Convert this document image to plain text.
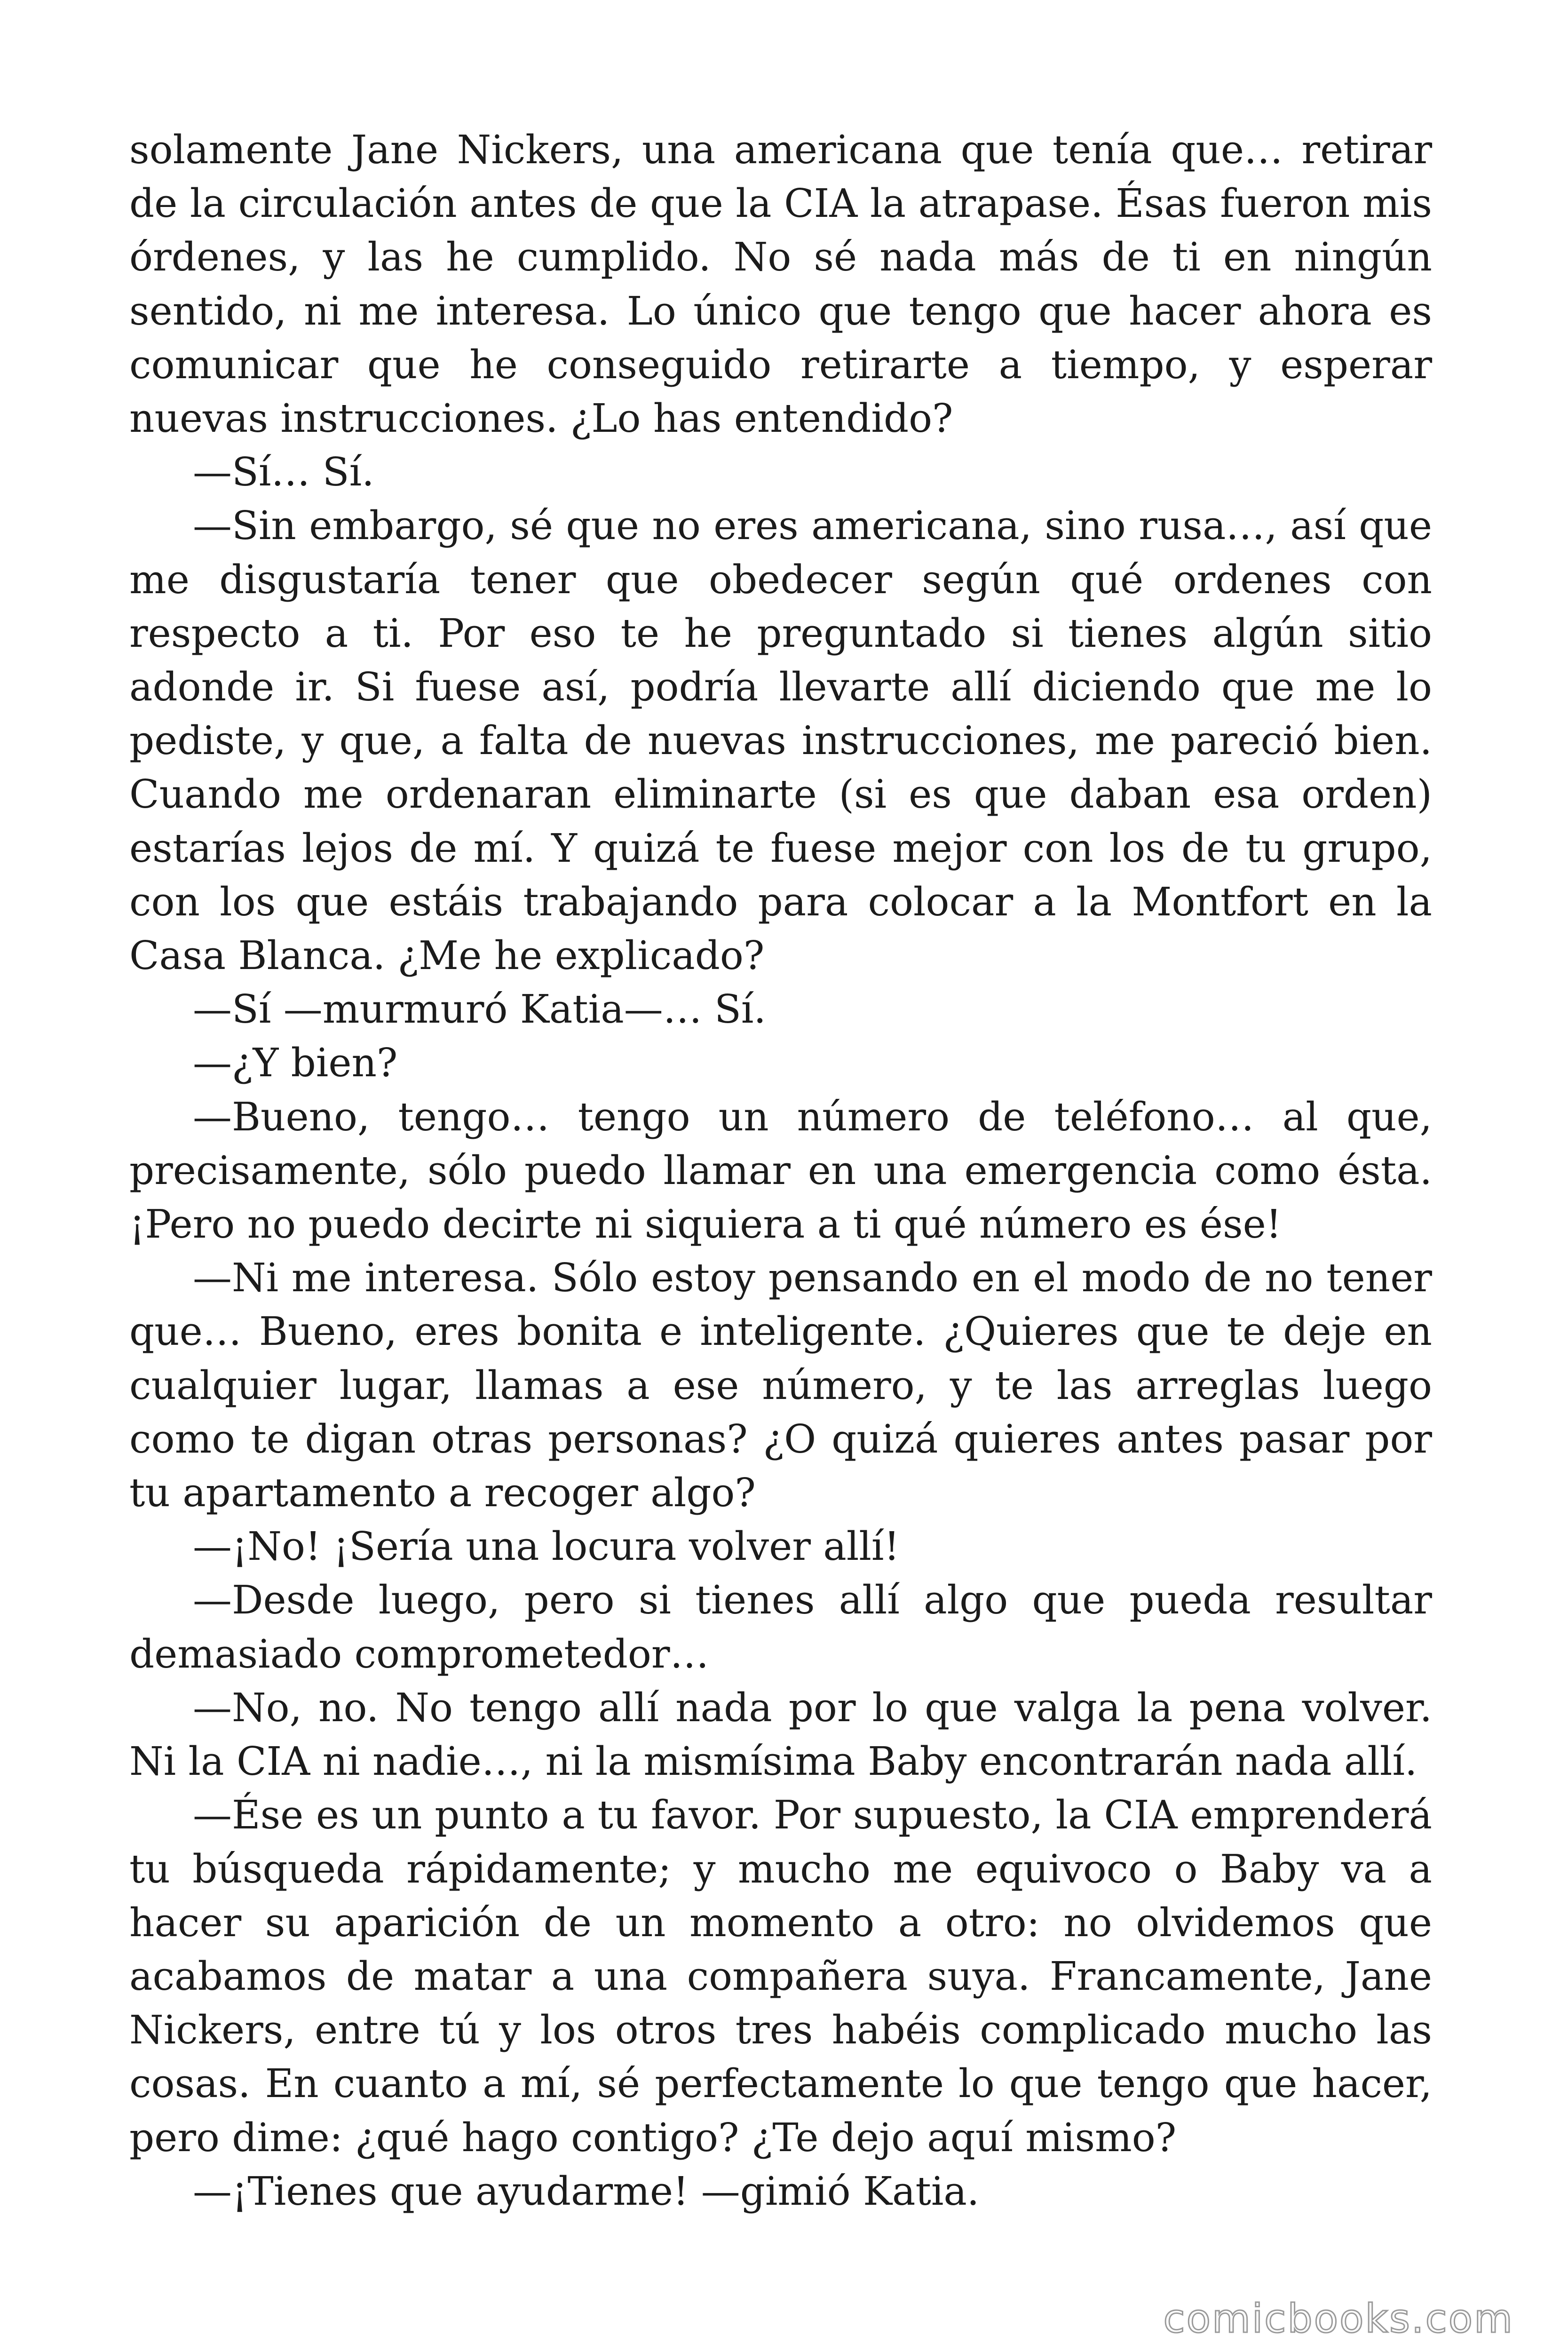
solamente Jane Nickers, una americana que tenía que… retirar de la circulación antes de que la CIA la atrapase. Ésas fueron mis órdenes, y las he cumplido. No sé nada más de ti en ningún sentido, ni me interesa. Lo único que tengo que hacer ahora es comunicar que he conseguido retirarte a tiempo, y esperar nuevas instrucciones. ¿Lo has entendido?

—Sí… Sí.

—Sin embargo, sé que no eres americana, sino rusa…, así que me disgustaría tener que obedecer según qué ordenes con respecto a ti. Por eso te he preguntado si tienes algún sitio adonde ir. Si fuese así, podría llevarte allí diciendo que me lo pediste, y que, a falta de nuevas instrucciones, me pareció bien. Cuando me ordenaran eliminarte (si es que daban esa orden) estarías lejos de mí. Y quizá te fuese mejor con los de tu grupo, con los que estáis trabajando para colocar a la Montfort en la Casa Blanca. ¿Me he explicado?

—Sí —murmuró Katia—… Sí.

—¿Y bien?

—Bueno, tengo… tengo un número de teléfono… al que, precisamente, sólo puedo llamar en una emergencia como ésta. ¡Pero no puedo decirte ni siquiera a ti qué número es ése!

—Ni me interesa. Sólo estoy pensando en el modo de no tener que… Bueno, eres bonita e inteligente. ¿Quieres que te deje en cualquier lugar, llamas a ese número, y te las arreglas luego como te digan otras personas? ¿O quizá quieres antes pasar por tu apartamento a recoger algo?

—¡No! ¡Sería una locura volver allí!

—Desde luego, pero si tienes allí algo que pueda resultar demasiado comprometedor…

—No, no. No tengo allí nada por lo que valga la pena volver. Ni la CIA ni nadie…, ni la mismísima Baby encontrarán nada allí.

—Ése es un punto a tu favor. Por supuesto, la CIA emprenderá tu búsqueda rápidamente; y mucho me equivoco o Baby va a hacer su aparición de un momento a otro: no olvidemos que acabamos de matar a una compañera suya. Francamente, Jane Nickers, entre tú y los otros tres habéis complicado mucho las cosas. En cuanto a mí, sé perfectamente lo que tengo que hacer, pero dime: ¿qué hago contigo? ¿Te dejo aquí mismo?

—¡Tienes que ayudarme! —gimió Katia.

comicbooks.com
